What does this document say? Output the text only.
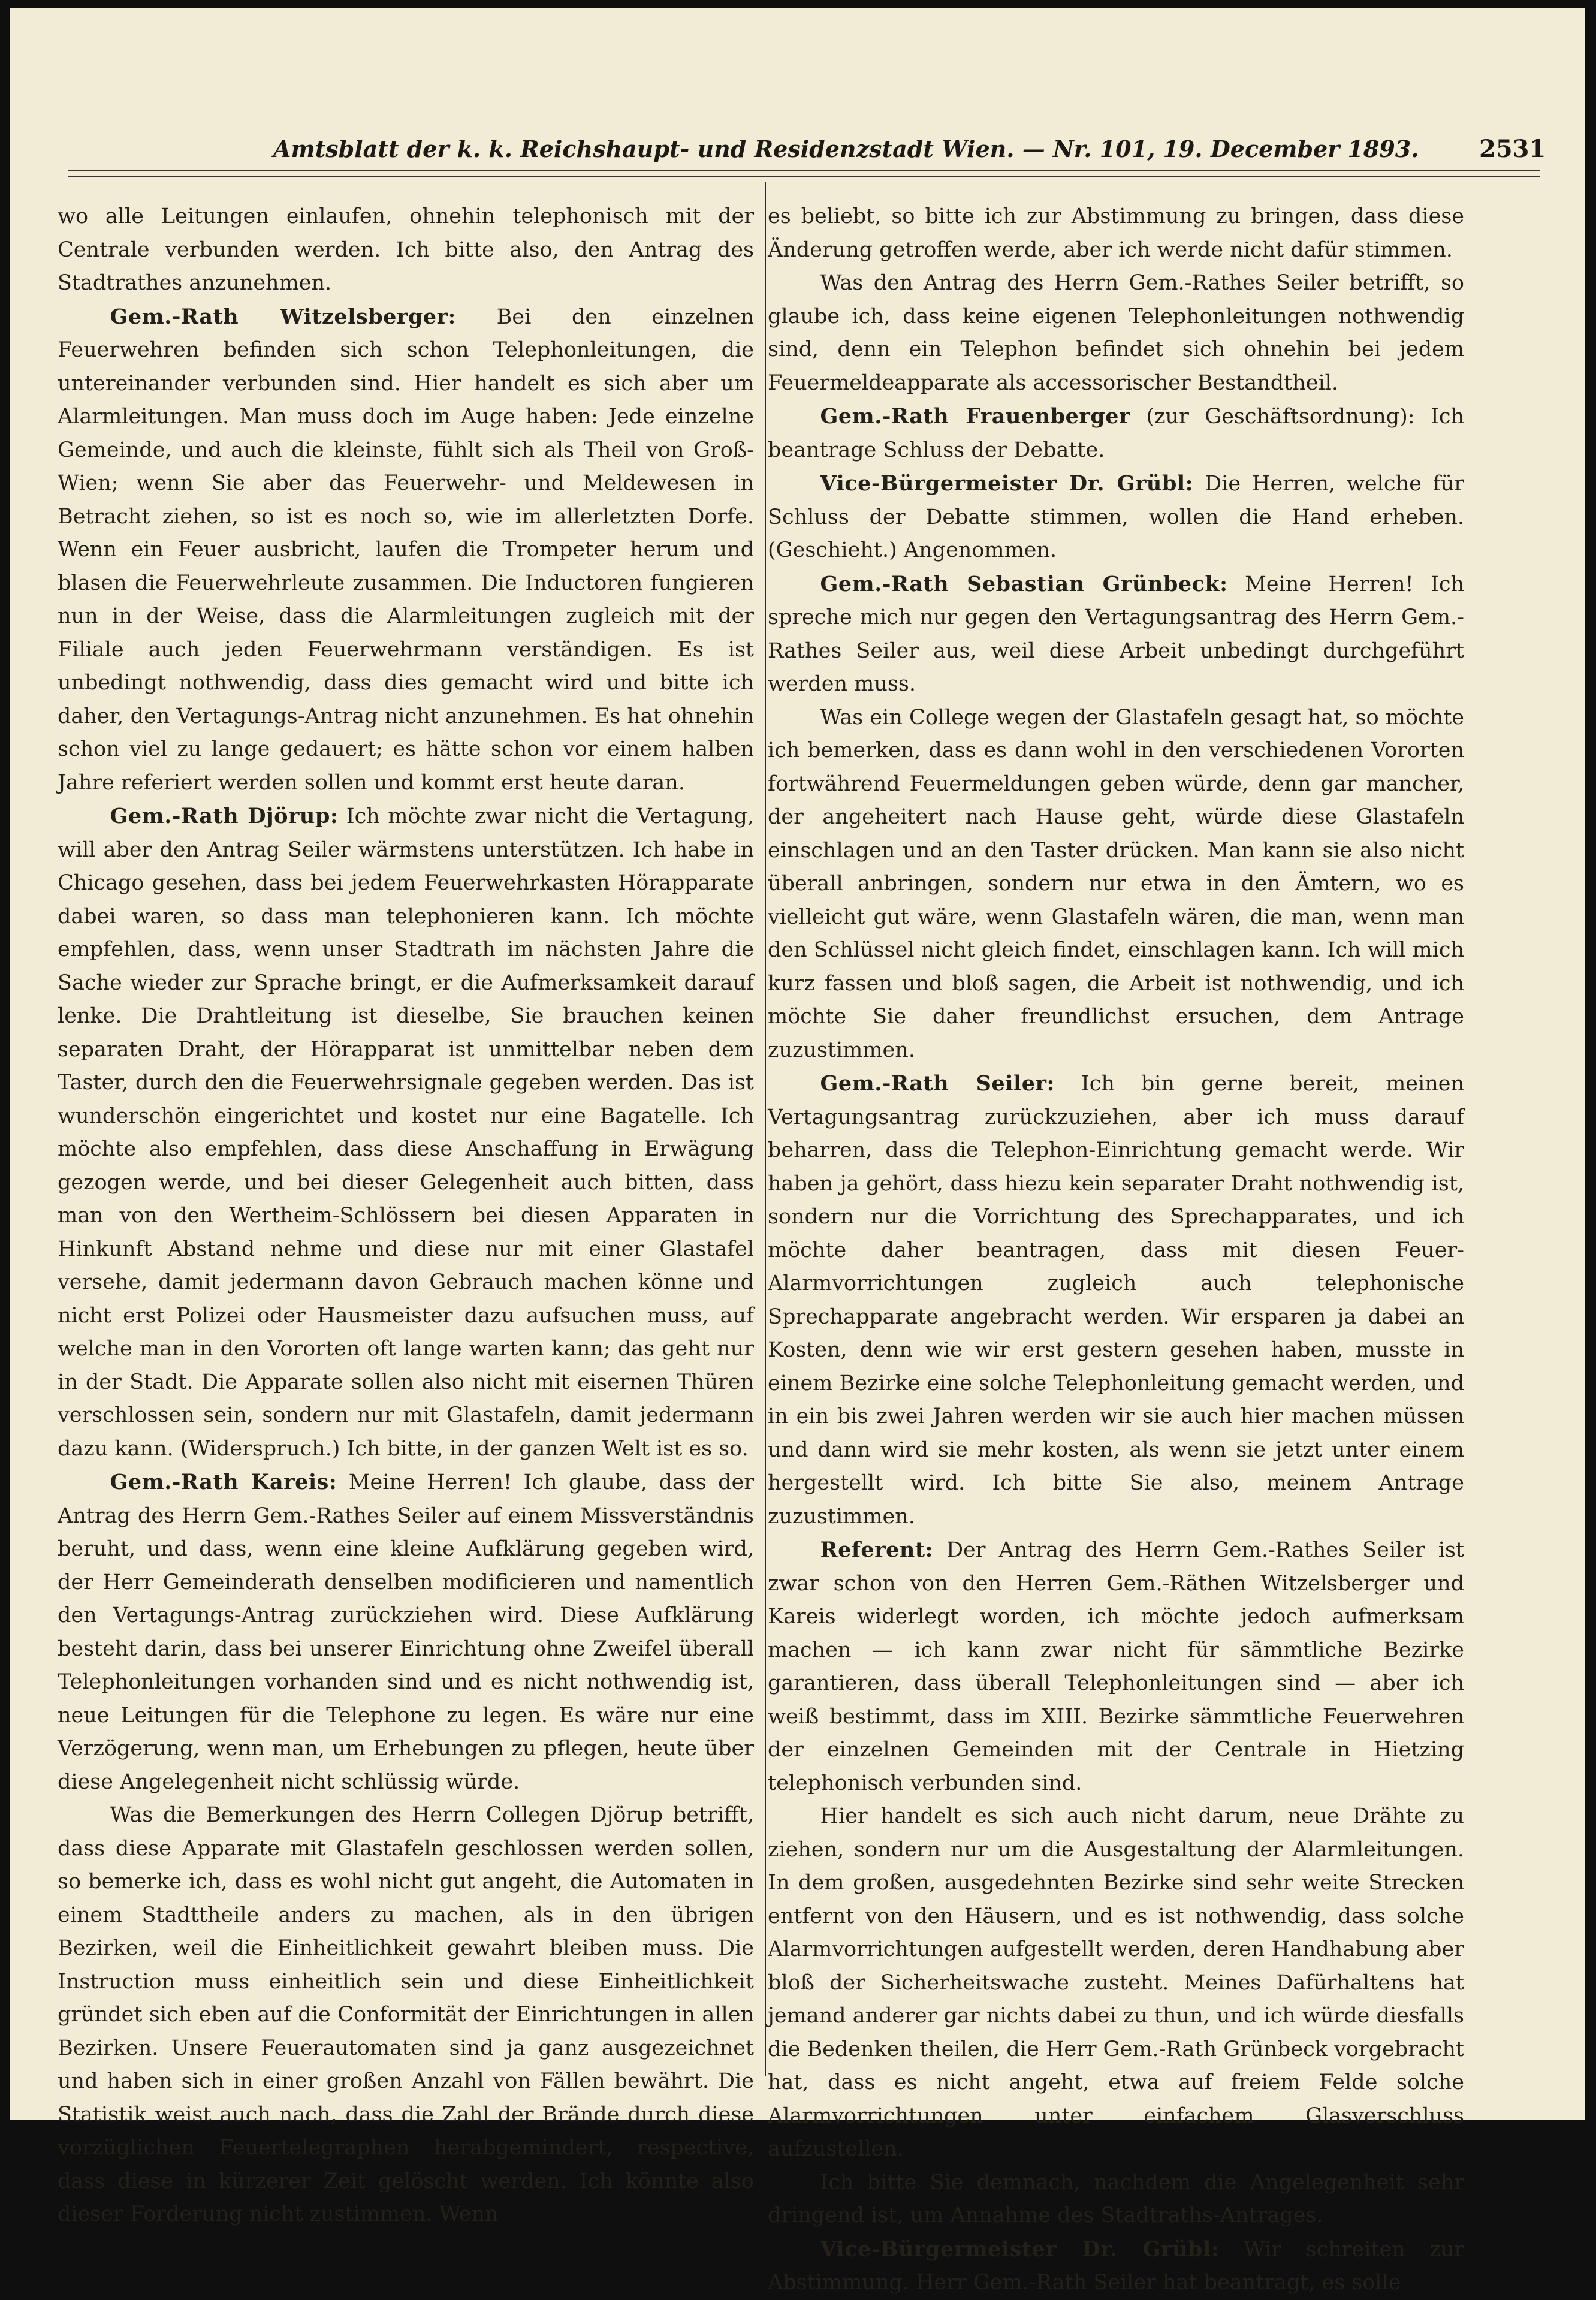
Amtsblatt der k. k. Reichshaupt- und Residenzstadt Wien. — Nr. 101, 19. December 1893.	2531

wo alle Leitungen einlaufen, ohnehin telephonisch mit der Centrale verbunden werden. Ich bitte also, den Antrag des Stadtrathes anzunehmen.

Gem.-Rath Witzelsberger: Bei den einzelnen Feuerwehren befinden sich schon Telephonleitungen, die untereinander verbunden sind. Hier handelt es sich aber um Alarmleitungen. Man muss doch im Auge haben: Jede einzelne Gemeinde, und auch die kleinste, fühlt sich als Theil von Groß-Wien; wenn Sie aber das Feuerwehr- und Meldewesen in Betracht ziehen, so ist es noch so, wie im allerletzten Dorfe. Wenn ein Feuer ausbricht, laufen die Trompeter herum und blasen die Feuerwehrleute zusammen. Die Inductoren fungieren nun in der Weise, dass die Alarmleitungen zugleich mit der Filiale auch jeden Feuerwehrmann verständigen. Es ist unbedingt nothwendig, dass dies gemacht wird und bitte ich daher, den Vertagungs-Antrag nicht anzunehmen. Es hat ohnehin schon viel zu lange gedauert; es hätte schon vor einem halben Jahre referiert werden sollen und kommt erst heute daran.

Gem.-Rath Djörup: Ich möchte zwar nicht die Vertagung, will aber den Antrag Seiler wärmstens unterstützen. Ich habe in Chicago gesehen, dass bei jedem Feuerwehrkasten Hörapparate dabei waren, so dass man telephonieren kann. Ich möchte empfehlen, dass, wenn unser Stadtrath im nächsten Jahre die Sache wieder zur Sprache bringt, er die Aufmerksamkeit darauf lenke. Die Drahtleitung ist dieselbe, Sie brauchen keinen separaten Draht, der Hörapparat ist unmittelbar neben dem Taster, durch den die Feuerwehrsignale gegeben werden. Das ist wunderschön eingerichtet und kostet nur eine Bagatelle. Ich möchte also empfehlen, dass diese Anschaffung in Erwägung gezogen werde, und bei dieser Gelegenheit auch bitten, dass man von den Wertheim-Schlössern bei diesen Apparaten in Hinkunft Abstand nehme und diese nur mit einer Glastafel versehe, damit jedermann davon Gebrauch machen könne und nicht erst Polizei oder Hausmeister dazu aufsuchen muss, auf welche man in den Vororten oft lange warten kann; das geht nur in der Stadt. Die Apparate sollen also nicht mit eisernen Thüren verschlossen sein, sondern nur mit Glastafeln, damit jedermann dazu kann. (Widerspruch.) Ich bitte, in der ganzen Welt ist es so.

Gem.-Rath Kareis: Meine Herren! Ich glaube, dass der Antrag des Herrn Gem.-Rathes Seiler auf einem Missverständnis beruht, und dass, wenn eine kleine Aufklärung gegeben wird, der Herr Gemeinderath denselben modificieren und namentlich den Vertagungs-Antrag zurückziehen wird. Diese Aufklärung besteht darin, dass bei unserer Einrichtung ohne Zweifel überall Telephonleitungen vorhanden sind und es nicht nothwendig ist, neue Leitungen für die Telephone zu legen. Es wäre nur eine Verzögerung, wenn man, um Erhebungen zu pflegen, heute über diese Angelegenheit nicht schlüssig würde.

Was die Bemerkungen des Herrn Collegen Djörup betrifft, dass diese Apparate mit Glastafeln geschlossen werden sollen, so bemerke ich, dass es wohl nicht gut angeht, die Automaten in einem Stadttheile anders zu machen, als in den übrigen Bezirken, weil die Einheitlichkeit gewahrt bleiben muss. Die Instruction muss einheitlich sein und diese Einheitlichkeit gründet sich eben auf die Conformität der Einrichtungen in allen Bezirken. Unsere Feuerautomaten sind ja ganz ausgezeichnet und haben sich in einer großen Anzahl von Fällen bewährt. Die Statistik weist auch nach, dass die Zahl der Brände durch diese vorzüglichen Feuertelegraphen herabgemindert, respective, dass diese in kürzerer Zeit gelöscht werden. Ich könnte also dieser Forderung nicht zustimmen. Wenn

es beliebt, so bitte ich zur Abstimmung zu bringen, dass diese Änderung getroffen werde, aber ich werde nicht dafür stimmen.

Was den Antrag des Herrn Gem.-Rathes Seiler betrifft, so glaube ich, dass keine eigenen Telephonleitungen nothwendig sind, denn ein Telephon befindet sich ohnehin bei jedem Feuermeldeapparate als accessorischer Bestandtheil.

Gem.-Rath Frauenberger (zur Geschäftsordnung): Ich beantrage Schluss der Debatte.

Vice-Bürgermeister Dr. Grübl: Die Herren, welche für Schluss der Debatte stimmen, wollen die Hand erheben. (Geschieht.) Angenommen.

Gem.-Rath Sebastian Grünbeck: Meine Herren! Ich spreche mich nur gegen den Vertagungsantrag des Herrn Gem.-Rathes Seiler aus, weil diese Arbeit unbedingt durchgeführt werden muss.

Was ein College wegen der Glastafeln gesagt hat, so möchte ich bemerken, dass es dann wohl in den verschiedenen Vororten fortwährend Feuermeldungen geben würde, denn gar mancher, der angeheitert nach Hause geht, würde diese Glastafeln einschlagen und an den Taster drücken. Man kann sie also nicht überall anbringen, sondern nur etwa in den Ämtern, wo es vielleicht gut wäre, wenn Glastafeln wären, die man, wenn man den Schlüssel nicht gleich findet, einschlagen kann. Ich will mich kurz fassen und bloß sagen, die Arbeit ist nothwendig, und ich möchte Sie daher freundlichst ersuchen, dem Antrage zuzustimmen.

Gem.-Rath Seiler: Ich bin gerne bereit, meinen Vertagungsantrag zurückzuziehen, aber ich muss darauf beharren, dass die Telephon-Einrichtung gemacht werde. Wir haben ja gehört, dass hiezu kein separater Draht nothwendig ist, sondern nur die Vorrichtung des Sprechapparates, und ich möchte daher beantragen, dass mit diesen Feuer-Alarmvorrichtungen zugleich auch telephonische Sprechapparate angebracht werden. Wir ersparen ja dabei an Kosten, denn wie wir erst gestern gesehen haben, musste in einem Bezirke eine solche Telephonleitung gemacht werden, und in ein bis zwei Jahren werden wir sie auch hier machen müssen und dann wird sie mehr kosten, als wenn sie jetzt unter einem hergestellt wird. Ich bitte Sie also, meinem Antrage zuzustimmen.

Referent: Der Antrag des Herrn Gem.-Rathes Seiler ist zwar schon von den Herren Gem.-Räthen Witzelsberger und Kareis widerlegt worden, ich möchte jedoch aufmerksam machen — ich kann zwar nicht für sämmtliche Bezirke garantieren, dass überall Telephonleitungen sind — aber ich weiß bestimmt, dass im XIII. Bezirke sämmtliche Feuerwehren der einzelnen Gemeinden mit der Centrale in Hietzing telephonisch verbunden sind.

Hier handelt es sich auch nicht darum, neue Drähte zu ziehen, sondern nur um die Ausgestaltung der Alarmleitungen. In dem großen, ausgedehnten Bezirke sind sehr weite Strecken entfernt von den Häusern, und es ist nothwendig, dass solche Alarmvorrichtungen aufgestellt werden, deren Handhabung aber bloß der Sicherheitswache zusteht. Meines Dafürhaltens hat jemand anderer gar nichts dabei zu thun, und ich würde diesfalls die Bedenken theilen, die Herr Gem.-Rath Grünbeck vorgebracht hat, dass es nicht angeht, etwa auf freiem Felde solche Alarmvorrichtungen unter einfachem Glasverschluss aufzustellen.

Ich bitte Sie demnach, nachdem die Angelegenheit sehr dringend ist, um Annahme des Stadtraths-Antrages.

Vice-Bürgermeister Dr. Grübl: Wir schreiten zur Abstimmung. Herr Gem.-Rath Seiler hat beantragt, es solle
